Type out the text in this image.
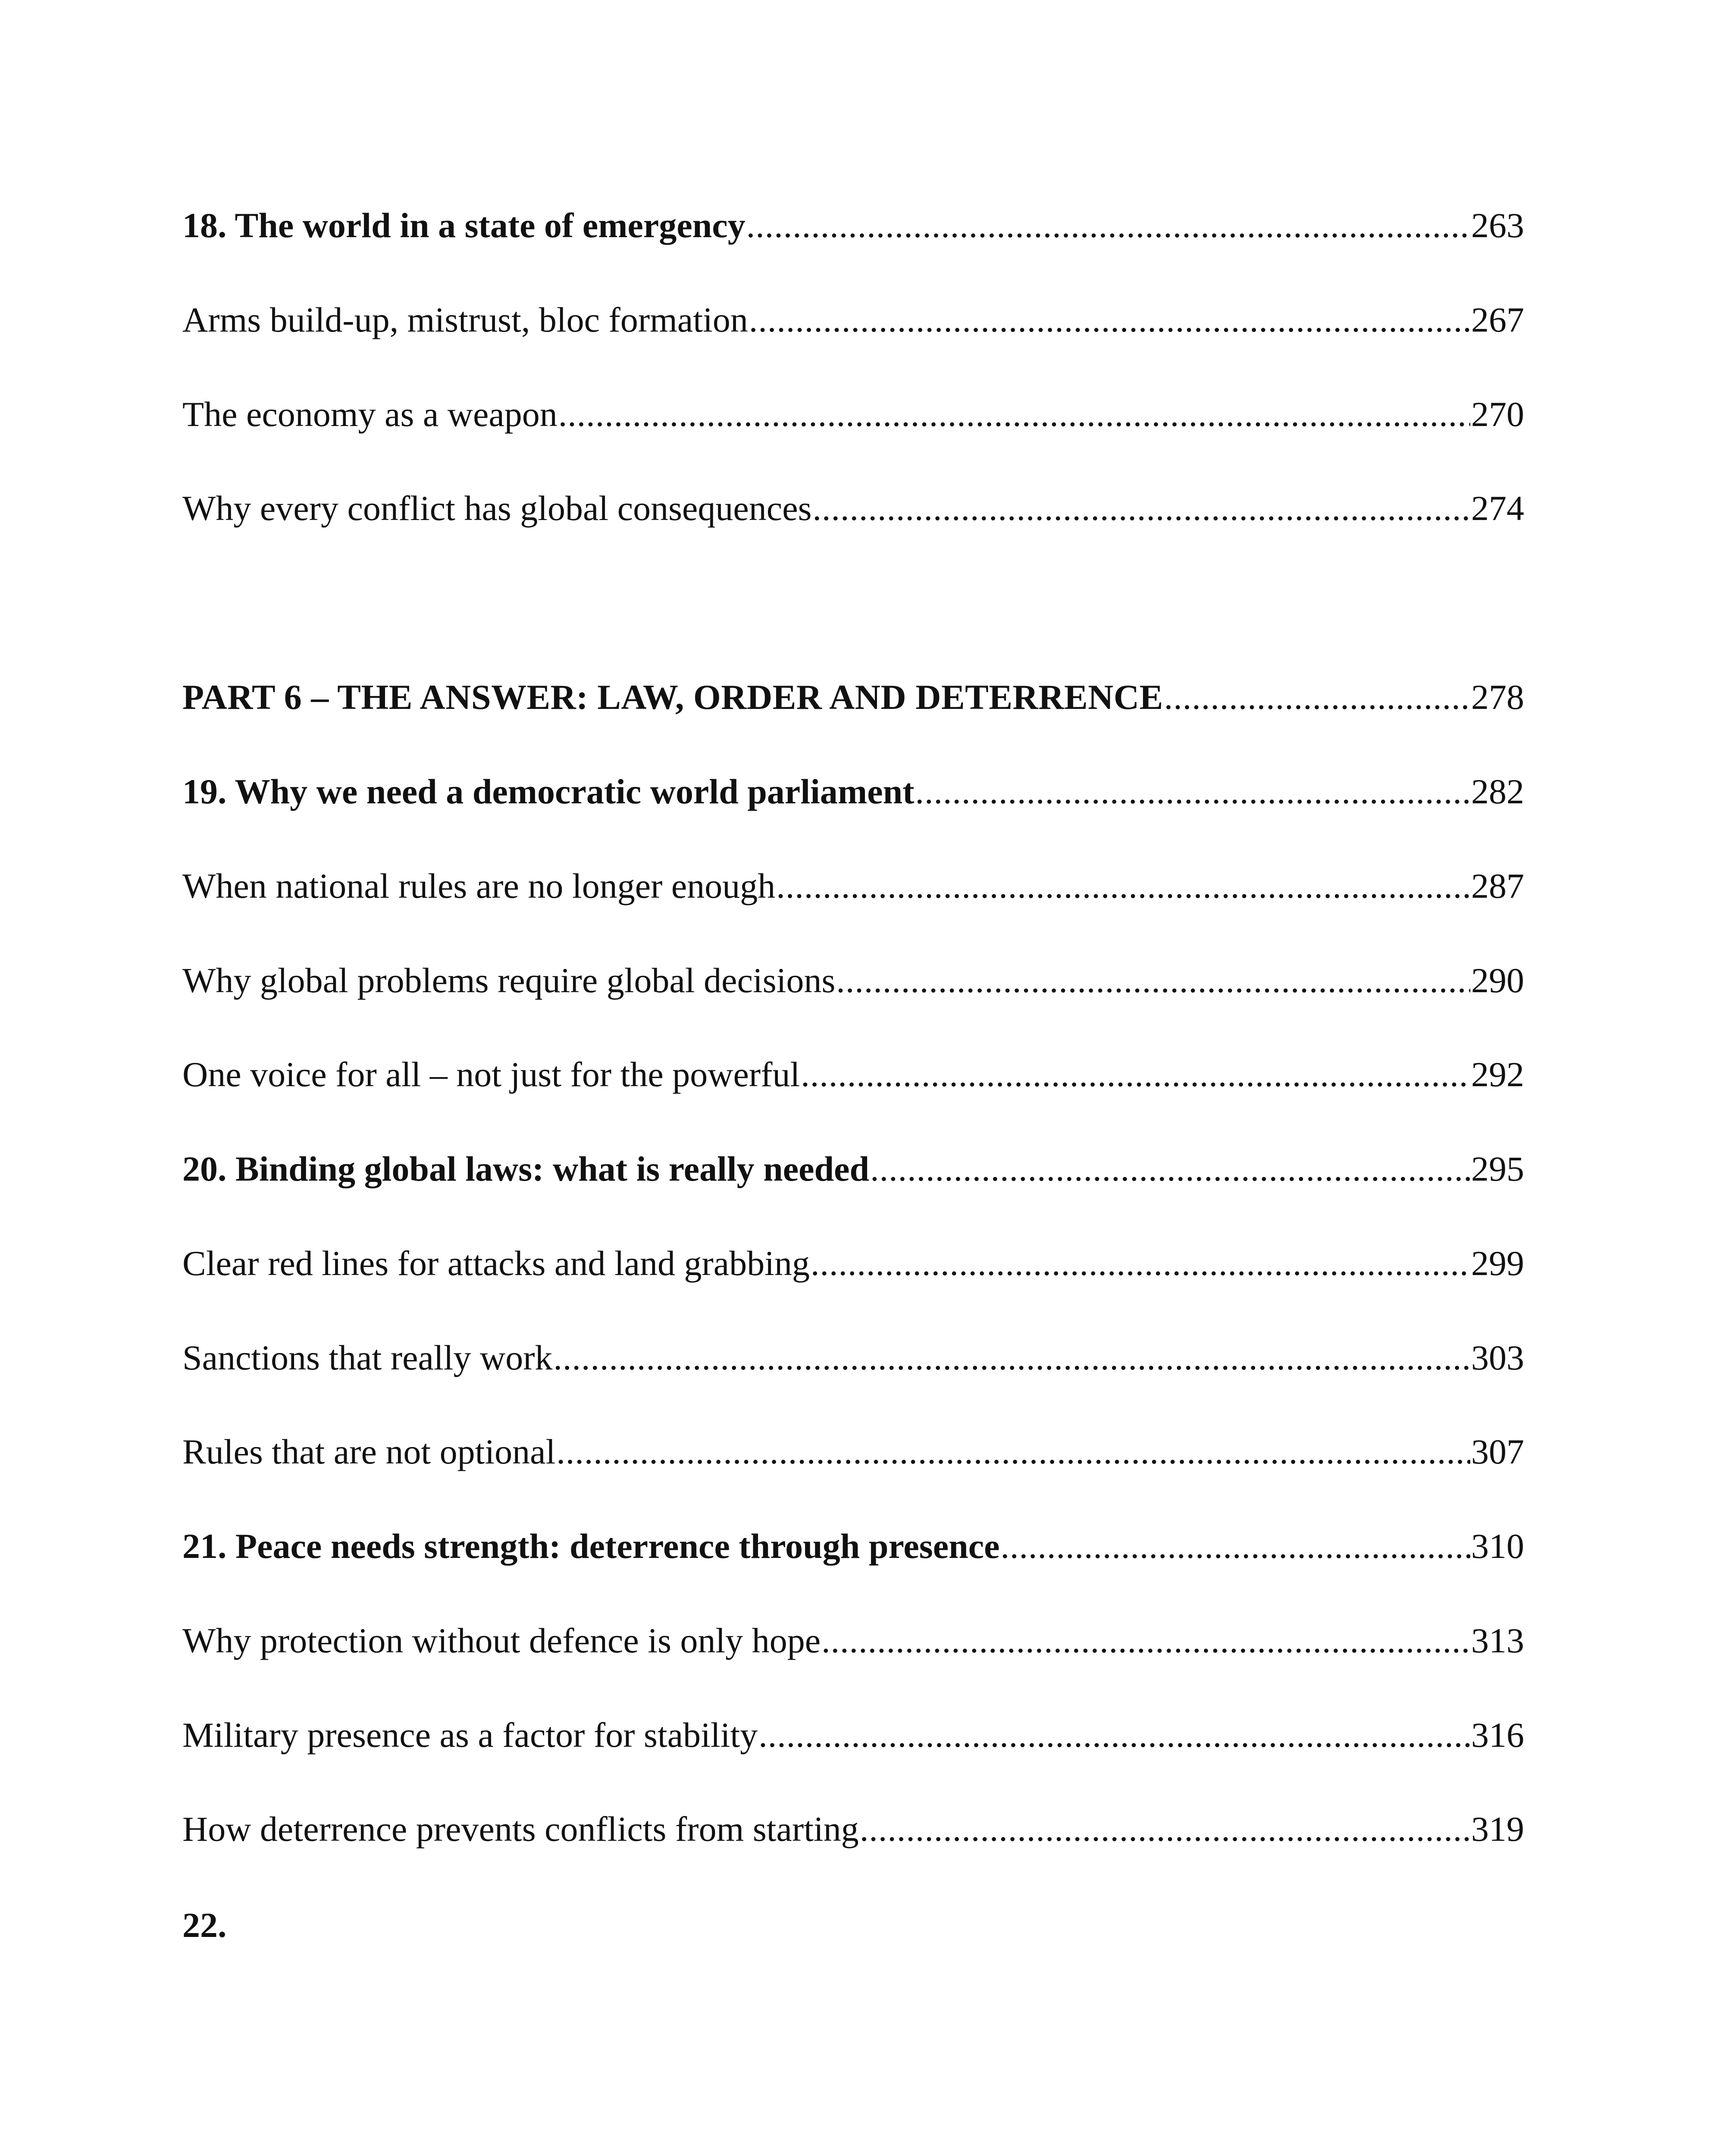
18. The world in a state of emergency .....	263
Arms build-up, mistrust, bloc formation .....	267
The economy as a weapon .....	270
Why every conflict has global consequences .....	274
PART 6 – THE ANSWER: LAW, ORDER AND DETERRENCE .....	278
19. Why we need a democratic world parliament .....	282
When national rules are no longer enough .....	287
Why global problems require global decisions .....	290
One voice for all – not just for the powerful .....	292
20. Binding global laws: what is really needed .....	295
Clear red lines for attacks and land grabbing .....	299
Sanctions that really work .....	303
Rules that are not optional .....	307
21. Peace needs strength: deterrence through presence .....	310
Why protection without defence is only hope .....	313
Military presence as a factor for stability .....	316
How deterrence prevents conflicts from starting .....	319
22.
